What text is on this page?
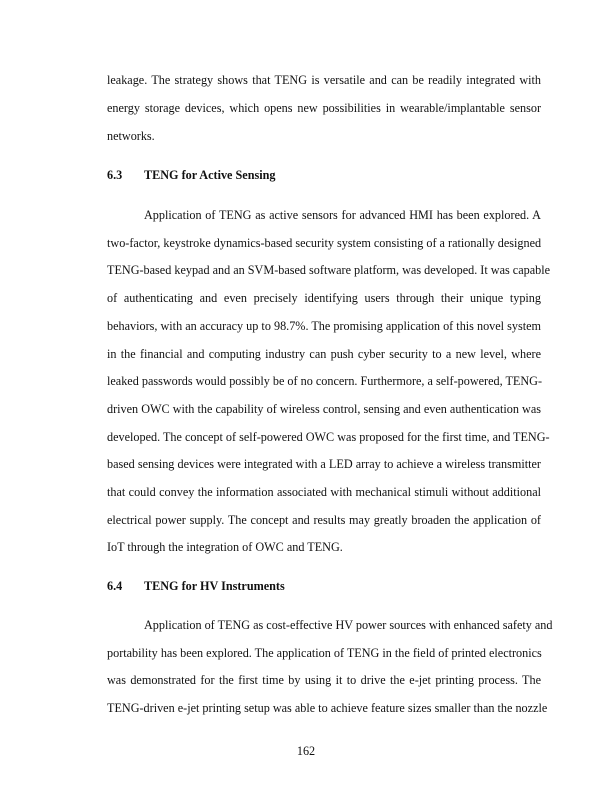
leakage. The strategy shows that TENG is versatile and can be readily integrated with
energy storage devices, which opens new possibilities in wearable/implantable sensor
networks.
6.3 TENG for Active Sensing
Application of TENG as active sensors for advanced HMI has been explored. A
two-factor, keystroke dynamics-based security system consisting of a rationally designed
TENG-based keypad and an SVM-based software platform, was developed. It was capable
of authenticating and even precisely identifying users through their unique typing
behaviors, with an accuracy up to 98.7%. The promising application of this novel system
in the financial and computing industry can push cyber security to a new level, where
leaked passwords would possibly be of no concern. Furthermore, a self-powered, TENG-
driven OWC with the capability of wireless control, sensing and even authentication was
developed. The concept of self-powered OWC was proposed for the first time, and TENG-
based sensing devices were integrated with a LED array to achieve a wireless transmitter
that could convey the information associated with mechanical stimuli without additional
electrical power supply. The concept and results may greatly broaden the application of
IoT through the integration of OWC and TENG.
6.4 TENG for HV Instruments
Application of TENG as cost-effective HV power sources with enhanced safety and
portability has been explored. The application of TENG in the field of printed electronics
was demonstrated for the first time by using it to drive the e-jet printing process. The
TENG-driven e-jet printing setup was able to achieve feature sizes smaller than the nozzle
162
